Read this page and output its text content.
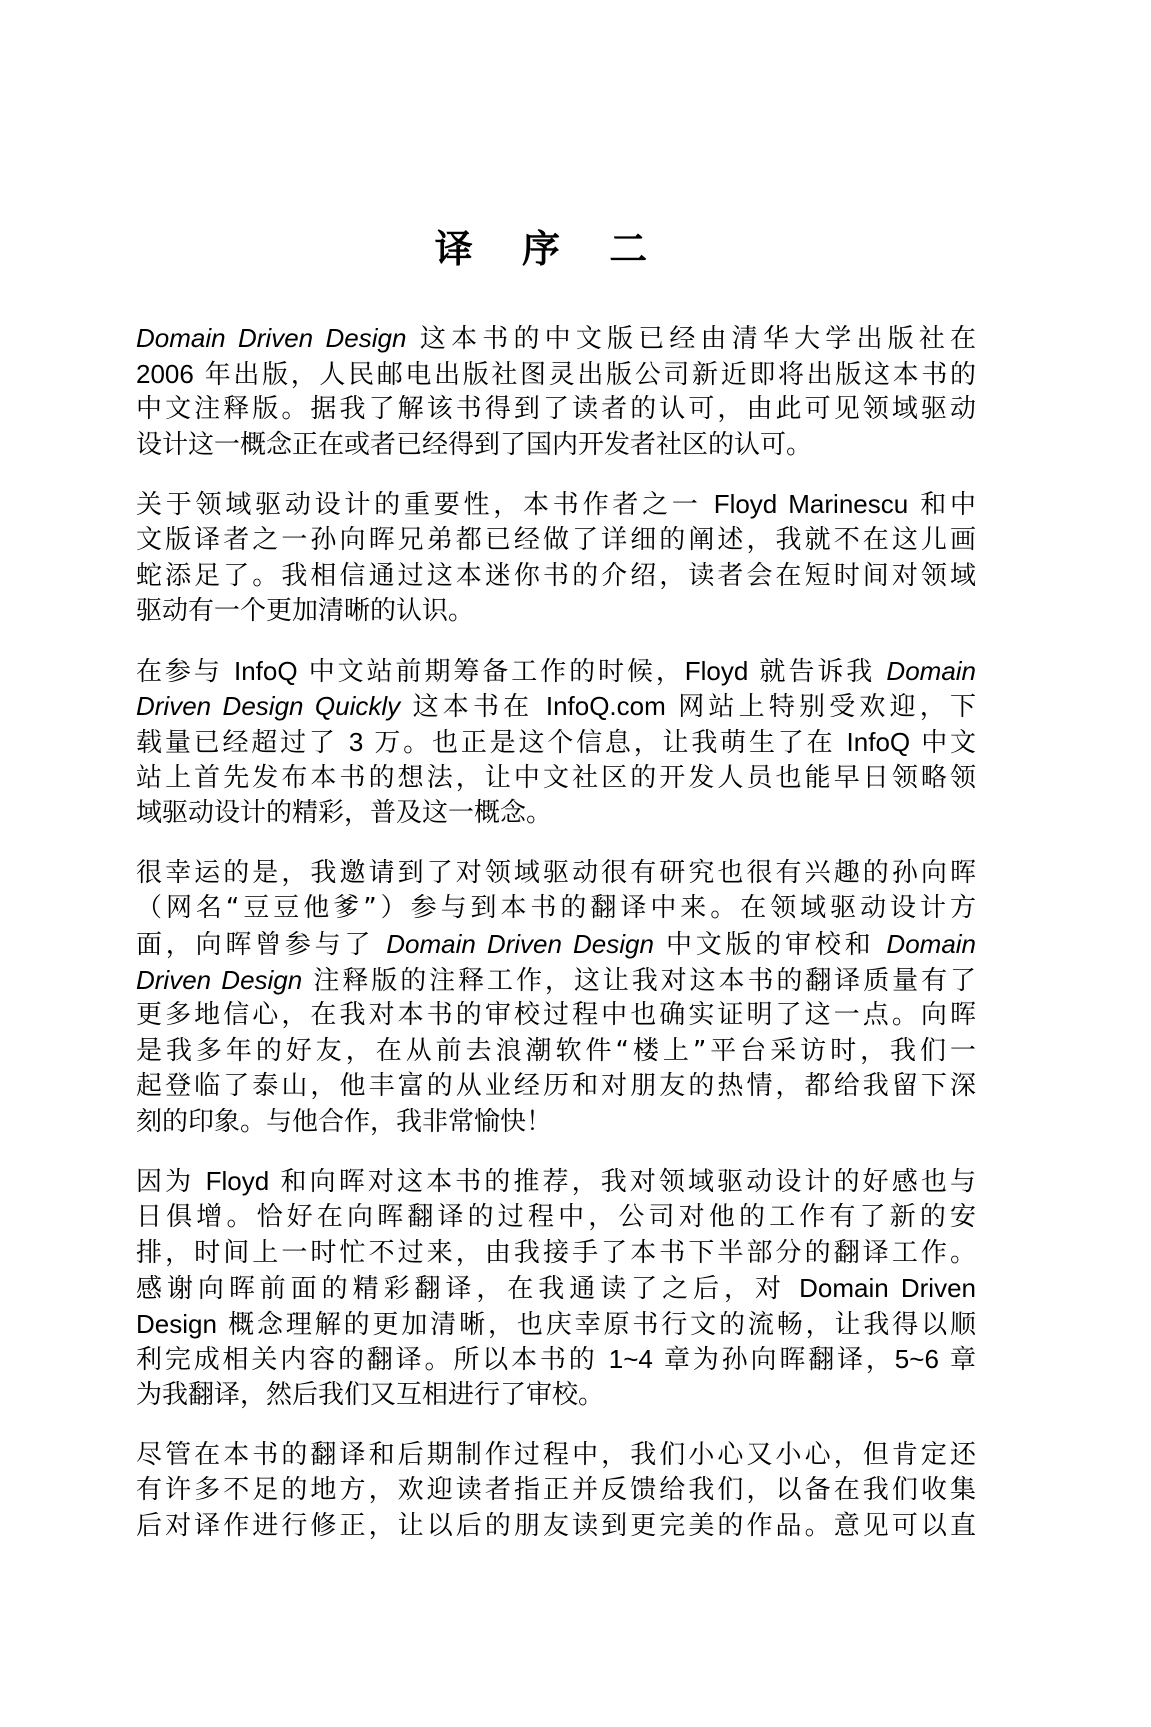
译 序 二
Domain Driven Design 这本书的中文版已经由清华大学出版社在
2006 年出版，人民邮电出版社图灵出版公司新近即将出版这本书的
中文注释版。据我了解该书得到了读者的认可，由此可见领域驱动
设计这一概念正在或者已经得到了国内开发者社区的认可。
关于领域驱动设计的重要性，本书作者之一 Floyd Marinescu 和中
文版译者之一孙向晖兄弟都已经做了详细的阐述，我就不在这儿画
蛇添足了。我相信通过这本迷你书的介绍，读者会在短时间对领域
驱动有一个更加清晰的认识。
在参与 InfoQ 中文站前期筹备工作的时候，Floyd 就告诉我 Domain
Driven Design Quickly 这本书在 InfoQ.com 网站上特别受欢迎，下
载量已经超过了 3 万。也正是这个信息，让我萌生了在 InfoQ 中文
站上首先发布本书的想法，让中文社区的开发人员也能早日领略领
域驱动设计的精彩，普及这一概念。
很幸运的是，我邀请到了对领域驱动很有研究也很有兴趣的孙向晖
（网名“豆豆他爹”）参与到本书的翻译中来。在领域驱动设计方
面，向晖曾参与了 Domain Driven Design 中文版的审校和 Domain
Driven Design 注释版的注释工作，这让我对这本书的翻译质量有了
更多地信心，在我对本书的审校过程中也确实证明了这一点。向晖
是我多年的好友，在从前去浪潮软件“楼上”平台采访时，我们一
起登临了泰山，他丰富的从业经历和对朋友的热情，都给我留下深
刻的印象。与他合作，我非常愉快！
因为 Floyd 和向晖对这本书的推荐，我对领域驱动设计的好感也与
日俱增。恰好在向晖翻译的过程中，公司对他的工作有了新的安
排，时间上一时忙不过来，由我接手了本书下半部分的翻译工作。
感谢向晖前面的精彩翻译，在我通读了之后，对 Domain Driven
Design 概念理解的更加清晰，也庆幸原书行文的流畅，让我得以顺
利完成相关内容的翻译。所以本书的 1~4 章为孙向晖翻译，5~6 章
为我翻译，然后我们又互相进行了审校。
尽管在本书的翻译和后期制作过程中，我们小心又小心，但肯定还
有许多不足的地方，欢迎读者指正并反馈给我们，以备在我们收集
后对译作进行修正，让以后的朋友读到更完美的作品。意见可以直
